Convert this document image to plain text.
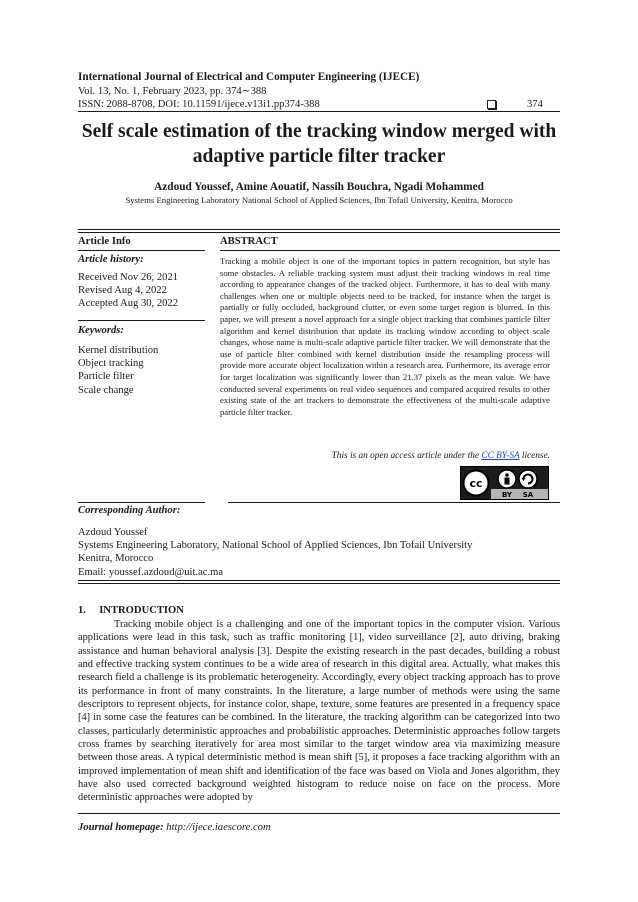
International Journal of Electrical and Computer Engineering (IJECE)
Vol. 13, No. 1, February 2023, pp. 374∼388
ISSN: 2088-8708, DOI: 10.11591/ijece.v13i1.pp374-388	374
Self scale estimation of the tracking window merged with adaptive particle filter tracker
Azdoud Youssef, Amine Aouatif, Nassih Bouchra, Ngadi Mohammed
Systems Engineering Laboratory National School of Applied Sciences, Ibn Tofail University, Kenitra, Morocco
Article Info
Article history:
Received Nov 26, 2021
Revised Aug 4, 2022
Accepted Aug 30, 2022
Keywords:
Kernel distribution
Object tracking
Particle filter
Scale change
ABSTRACT
Tracking a mobile object is one of the important topics in pattern recognition, but style has some obstacles. A reliable tracking system must adjust their tracking windows in real time according to appearance changes of the tracked object. Furthermore, it has to deal with many challenges when one or multiple objects need to be tracked, for instance when the target is partially or fully occluded, background clutter, or even some target region is blurred. In this paper, we will present a novel approach for a single object tracking that combines particle filter algorithm and kernel distribution that update its tracking window according to object scale changes, whose name is multi-scale adaptive particle filter tracker. We will demonstrate that the use of particle filter combined with kernel distribution inside the resampling process will provide more accurate object localization within a research area. Furthermore, its average error for target localization was significantly lower than 21.37 pixels as the mean value. We have conducted several experiments on real video sequences and compared acquired results to other existing state of the art trackers to demonstrate the effectiveness of the multi-scale adaptive particle filter tracker.
This is an open access article under the CC BY-SA license.
cc
BY SA
Corresponding Author:
Azdoud Youssef
Systems Engineering Laboratory, National School of Applied Sciences, Ibn Tofail University
Kenitra, Morocco
Email: youssef.azdoud@uit.ac.ma
1.     INTRODUCTION
Tracking mobile object is a challenging and one of the important topics in the computer vision. Various applications were lead in this task, such as traffic monitoring [1], video surveillance [2], auto driving, braking assistance and human behavioral analysis [3]. Despite the existing research in the past decades, building a robust and effective tracking system continues to be a wide area of research in this digital area. Actually, what makes this research field a challenge is its problematic heterogeneity. Accordingly, every object tracking approach has to prove its performance in front of many constraints. In the literature, a large number of methods were using the same descriptors to represent objects, for instance color, shape, texture, some features are presented in a frequency space [4] in some case the features can be combined. In the literature, the tracking algorithm can be categorized into two classes, particularly deterministic approaches and probabilistic approaches. Deterministic approaches follow targets cross frames by searching iteratively for area most similar to the target window area via maximizing measure between those areas. A typical deterministic method is mean shift [5], it proposes a face tracking algorithm with an improved implementation of mean shift and identification of the face was based on Viola and Jones algorithm, they have also used corrected background weighted histogram to reduce noise on face on the process. More deterministic approaches were adopted by
Journal homepage: http://ijece.iaescore.com
